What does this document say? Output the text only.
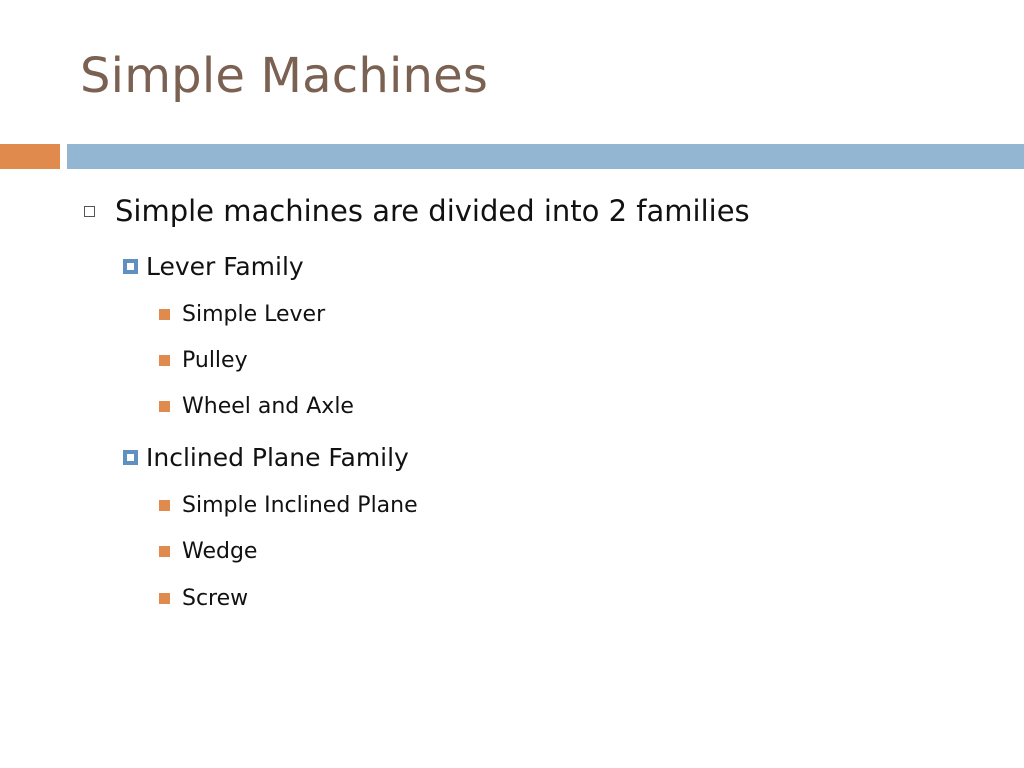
Simple Machines
Simple machines are divided into 2 families
Lever Family
Simple Lever
Pulley
Wheel and Axle
Inclined Plane Family
Simple Inclined Plane
Wedge
Screw
